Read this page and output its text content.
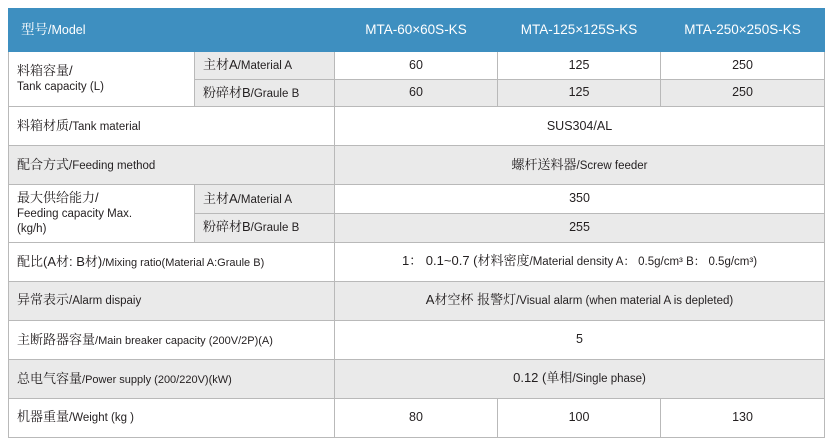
型号/Model		MTA-60×60S-KS	MTA-125×125S-KS	MTA-250×250S-KS

料箱容量/
Tank capacity (L)	主材A/Material A	60	125	250
	粉碎材B/Graule B	60	125	250
料箱材质/Tank material		SUS304/AL		
配合方式/Feeding method		螺杆送料器/Screw feeder		

最大供给能力/
Feeding capacity Max.
(kg/h)	主材A/Material A	350		
	粉碎材B/Graule B	255		
配比(A材: B材)/Mixing ratio(Material A:Graule B)		1： 0.1~0.7 (材料密度/Material density A： 0.5g/cm³ B： 0.5g/cm³)		
异常表示/Alarm dispaiy		A材空杯 报警灯/Visual alarm (when material A is depleted)		
主断路器容量/Main breaker capacity (200V/2P)(A)		5		
总电气容量/Power supply (200/220V)(kW)		0.12 (单相/Single phase)		
机器重量/Weight (kg )		80	100	130
